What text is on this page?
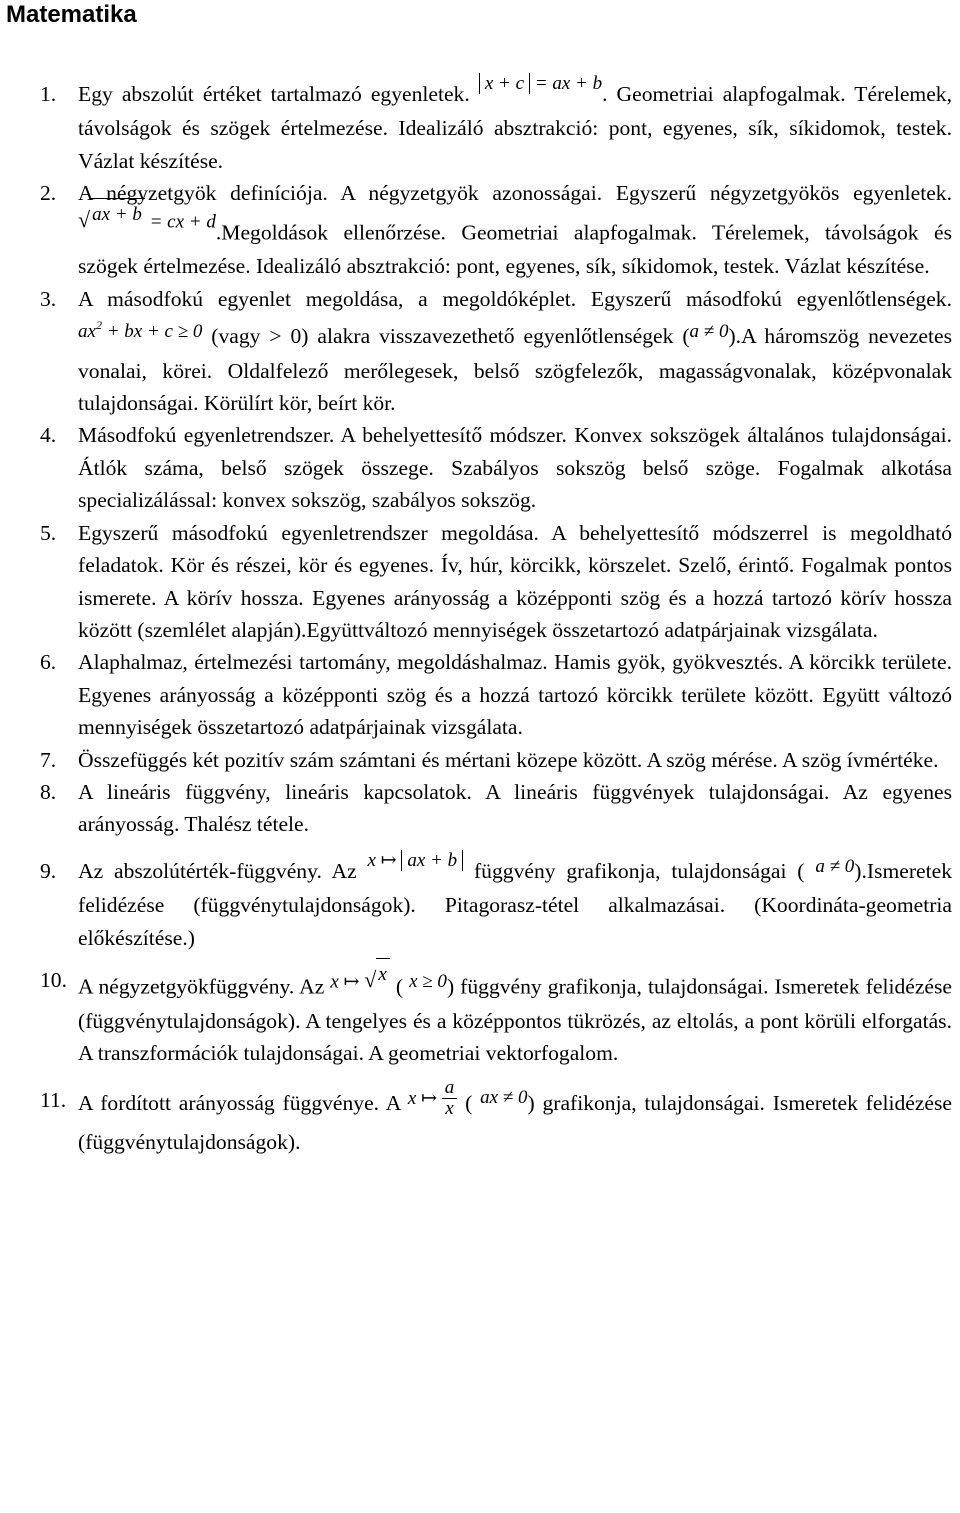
Matematika
1.	Egy abszolút értéket tartalmazó egyenletek. x + c = ax + b. Geometriai alapfogalmak. Térelemek, távolságok és szögek értelmezése. Idealizáló absztrakció: pont, egyenes, sík, síkidomok, testek. Vázlat készítése.
2.	A négyzetgyök definíciója. A négyzetgyök azonosságai. Egyszerű négyzetgyökös egyenletek.
√ ax + b = cx + d.Megoldások ellenőrzése. Geometriai alapfogalmak. Térelemek, távolságok és szögek értelmezése. Idealizáló absztrakció: pont, egyenes, sík, síkidomok, testek. Vázlat készítése.
3.	A másodfokú egyenlet megoldása, a megoldóképlet. Egyszerű másodfokú egyenlőtlenségek. $ax^2$ + bx + c ≥ 0 (vagy > 0) alakra visszavezethető egyenlőtlenségek (a ≠ 0).A háromszög nevezetes vonalai, körei. Oldalfelező merőlegesek, belső szögfelezők, magasságvonalak, középvonalak tulajdonságai. Körülírt kör, beírt kör.
4.	Másodfokú egyenletrendszer. A behelyettesítő módszer. Konvex sokszögek általános tulajdonságai. Átlók száma, belső szögek összege. Szabályos sokszög belső szöge. Fogalmak alkotása specializálással: konvex sokszög, szabályos sokszög.
5.	Egyszerű másodfokú egyenletrendszer megoldása. A behelyettesítő módszerrel is megoldható feladatok. Kör és részei, kör és egyenes. Ív, húr, körcikk, körszelet. Szelő, érintő. Fogalmak pontos ismerete. A körív hossza. Egyenes arányosság a középponti szög és a hozzá tartozó körív hossza között (szemlélet alapján).Együttváltozó mennyiségek összetartozó adatpárjainak vizsgálata.
6.	Alaphalmaz, értelmezési tartomány, megoldáshalmaz. Hamis gyök, gyökvesztés. A körcikk területe. Egyenes arányosság a középponti szög és a hozzá tartozó körcikk területe között. Együtt változó mennyiségek összetartozó adatpárjainak vizsgálata.
7.	Összefüggés két pozitív szám számtani és mértani közepe között. A szög mérése. A szög ívmértéke.
8.	A lineáris függvény, lineáris kapcsolatok. A lineáris függvények tulajdonságai. Az egyenes arányosság. Thalész tétele.
9.	Az abszolútérték-függvény. Az x ↦ ax + b függvény grafikonja, tulajdonságai ( a ≠ 0).Ismeretek felidézése (függvénytulajdonságok). Pitagorasz-tétel alkalmazásai. (Koordináta-geometria előkészítése.)
10. A négyzetgyökfüggvény. Az x ↦ √ x ( x ≥ 0) függvény grafikonja, tulajdonságai. Ismeretek felidézése (függvénytulajdonságok). A tengelyes és a középpontos tükrözés, az eltolás, a pont körüli elforgatás. A transzformációk tulajdonságai. A geometriai vektorfogalom.
11. A fordított arányosság függvénye. A x ↦ $\frac{a}{x}$ ( ax ≠ 0) grafikonja, tulajdonságai. Ismeretek felidézése (függvénytulajdonságok).
